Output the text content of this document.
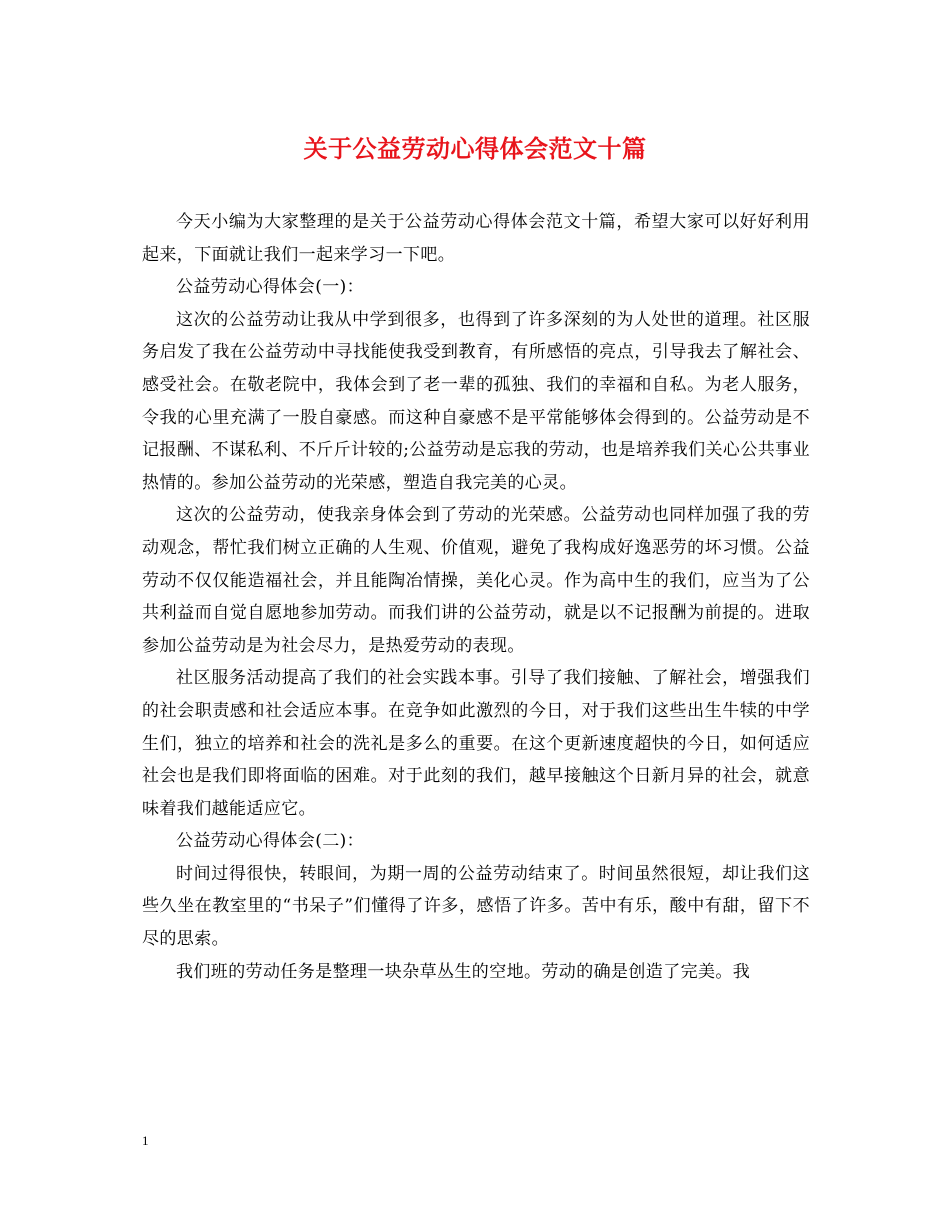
关于公益劳动心得体会范文十篇

今天小编为大家整理的是关于公益劳动心得体会范文十篇，希望大家可以好好利用起来，下面就让我们一起来学习一下吧。

公益劳动心得体会(一)：

这次的公益劳动让我从中学到很多，也得到了许多深刻的为人处世的道理。社区服务启发了我在公益劳动中寻找能使我受到教育，有所感悟的亮点，引导我去了解社会、感受社会。在敬老院中，我体会到了老一辈的孤独、我们的幸福和自私。为老人服务，令我的心里充满了一股自豪感。而这种自豪感不是平常能够体会得到的。公益劳动是不记报酬、不谋私利、不斤斤计较的;公益劳动是忘我的劳动，也是培养我们关心公共事业热情的。参加公益劳动的光荣感，塑造自我完美的心灵。

这次的公益劳动，使我亲身体会到了劳动的光荣感。公益劳动也同样加强了我的劳动观念，帮忙我们树立正确的人生观、价值观，避免了我构成好逸恶劳的坏习惯。公益劳动不仅仅能造福社会，并且能陶冶情操，美化心灵。作为高中生的我们，应当为了公共利益而自觉自愿地参加劳动。而我们讲的公益劳动，就是以不记报酬为前提的。进取参加公益劳动是为社会尽力，是热爱劳动的表现。

社区服务活动提高了我们的社会实践本事。引导了我们接触、了解社会，增强我们的社会职责感和社会适应本事。在竞争如此激烈的今日，对于我们这些出生牛犊的中学生们，独立的培养和社会的洗礼是多么的重要。在这个更新速度超快的今日，如何适应社会也是我们即将面临的困难。对于此刻的我们，越早接触这个日新月异的社会，就意味着我们越能适应它。

公益劳动心得体会(二)：

时间过得很快，转眼间，为期一周的公益劳动结束了。时间虽然很短，却让我们这些久坐在教室里的“书呆子”们懂得了许多，感悟了许多。苦中有乐，酸中有甜，留下不尽的思索。

我们班的劳动任务是整理一块杂草丛生的空地。劳动的确是创造了完美。我

1
